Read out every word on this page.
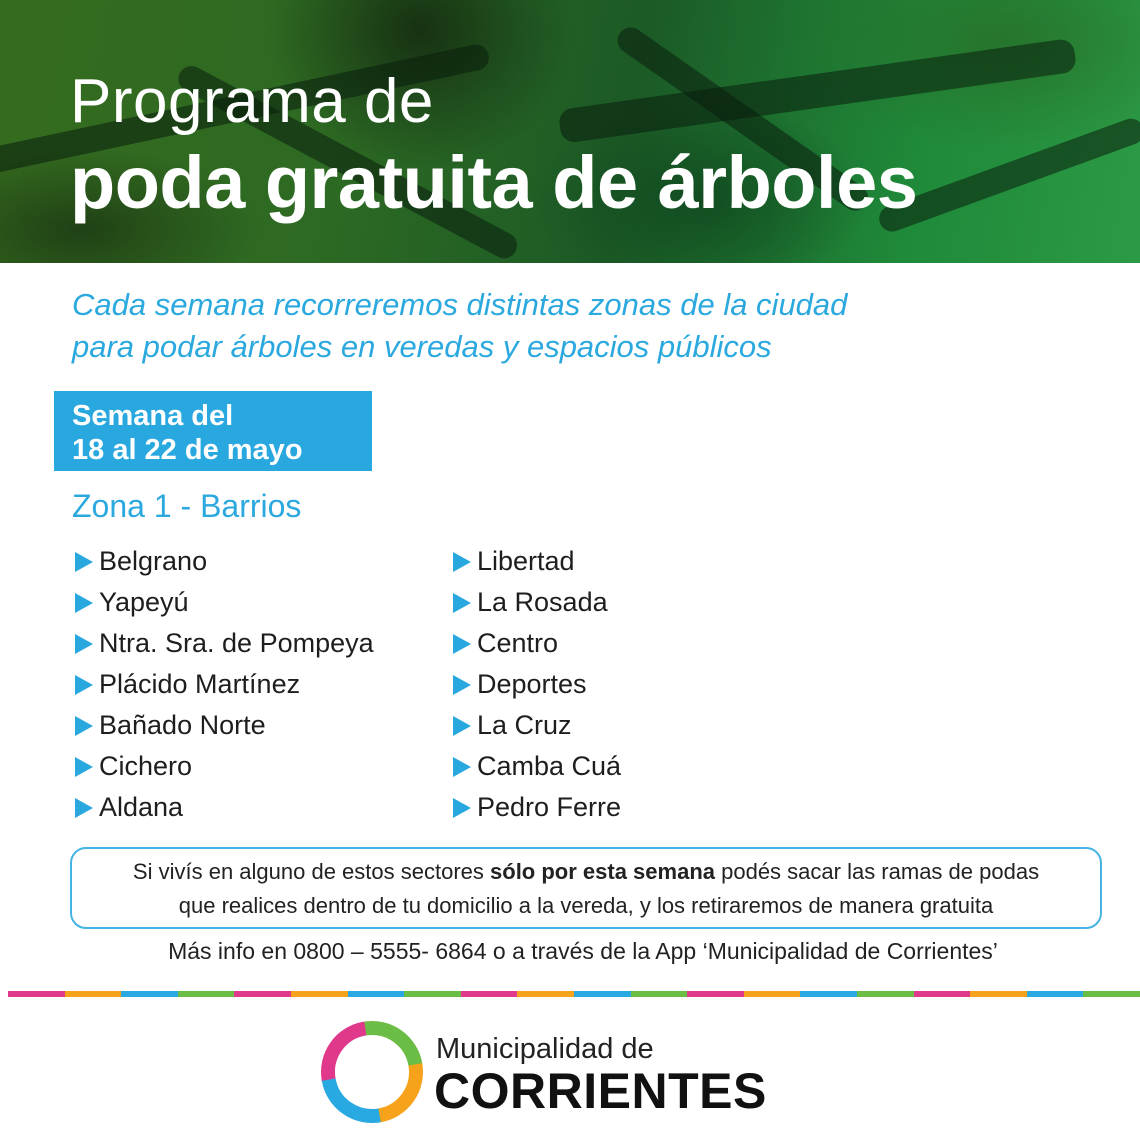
Programa de
poda gratuita de árboles
Cada semana recorreremos distintas zonas de la ciudad
para podar árboles en veredas y espacios públicos
Semana del
18 al 22 de mayo
Zona 1 - Barrios
Belgrano
Yapeyú
Ntra. Sra. de Pompeya
Plácido Martínez
Bañado Norte
Cichero
Aldana
Libertad
La Rosada
Centro
Deportes
La Cruz
Camba Cuá
Pedro Ferre
Si vivís en alguno de estos sectores sólo por esta semana podés sacar las ramas de podas
que realices dentro de tu domicilio a la vereda, y los retiraremos de manera gratuita
Más info en 0800 – 5555- 6864 o a través de la App ‘Municipalidad de Corrientes’
Municipalidad de
CORRIENTES
